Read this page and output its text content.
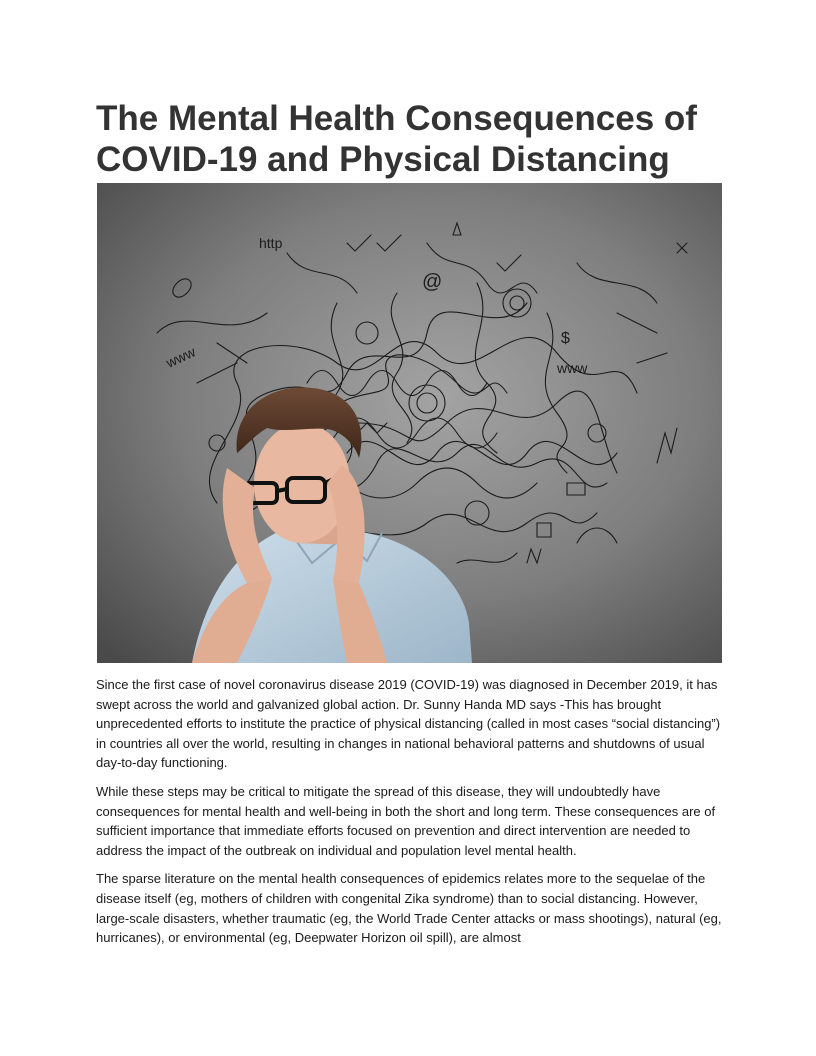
The Mental Health Consequences of
COVID-19 and Physical Distancing
http
www	www
@
$

Since the first case of novel coronavirus disease 2019 (COVID-19) was diagnosed in December 2019, it has swept across the world and galvanized global action. Dr. Sunny Handa MD says -This has brought unprecedented efforts to institute the practice of physical distancing (called in most cases “social distancing”) in countries all over the world, resulting in changes in national behavioral patterns and shutdowns of usual day-to-day functioning.

While these steps may be critical to mitigate the spread of this disease, they will undoubtedly have consequences for mental health and well-being in both the short and long term. These consequences are of sufficient importance that immediate efforts focused on prevention and direct intervention are needed to address the impact of the outbreak on individual and population level mental health.

The sparse literature on the mental health consequences of epidemics relates more to the sequelae of the disease itself (eg, mothers of children with congenital Zika syndrome) than to social distancing. However, large-scale disasters, whether traumatic (eg, the World Trade Center attacks or mass shootings), natural (eg, hurricanes), or environmental (eg, Deepwater Horizon oil spill), are almost
